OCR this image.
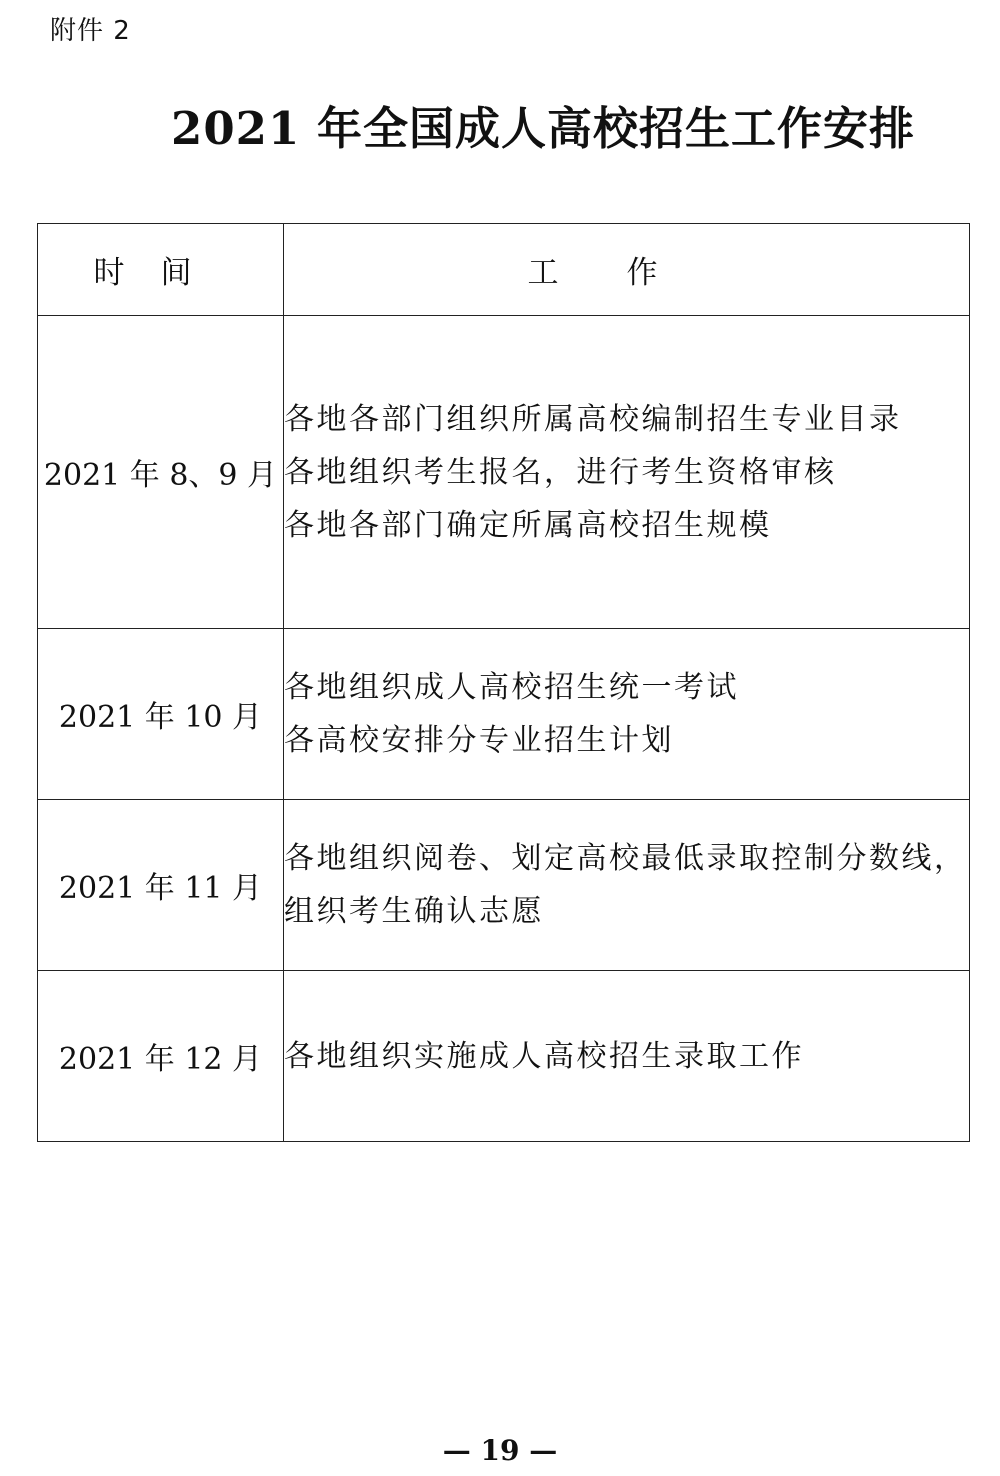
附件 2
2021 年全国成人高校招生工作安排
时间	工作
2021 年 8、9 月	各地各部门组织所属高校编制招生专业目录
各地组织考生报名，进行考生资格审核
各地各部门确定所属高校招生规模

2021 年 10 月	各地组织成人高校招生统一考试
各高校安排分专业招生计划

2021 年 11 月	各地组织阅卷、划定高校最低录取控制分数线，
组织考生确认志愿

2021 年 12 月	各地组织实施成人高校招生录取工作
— 19 —
